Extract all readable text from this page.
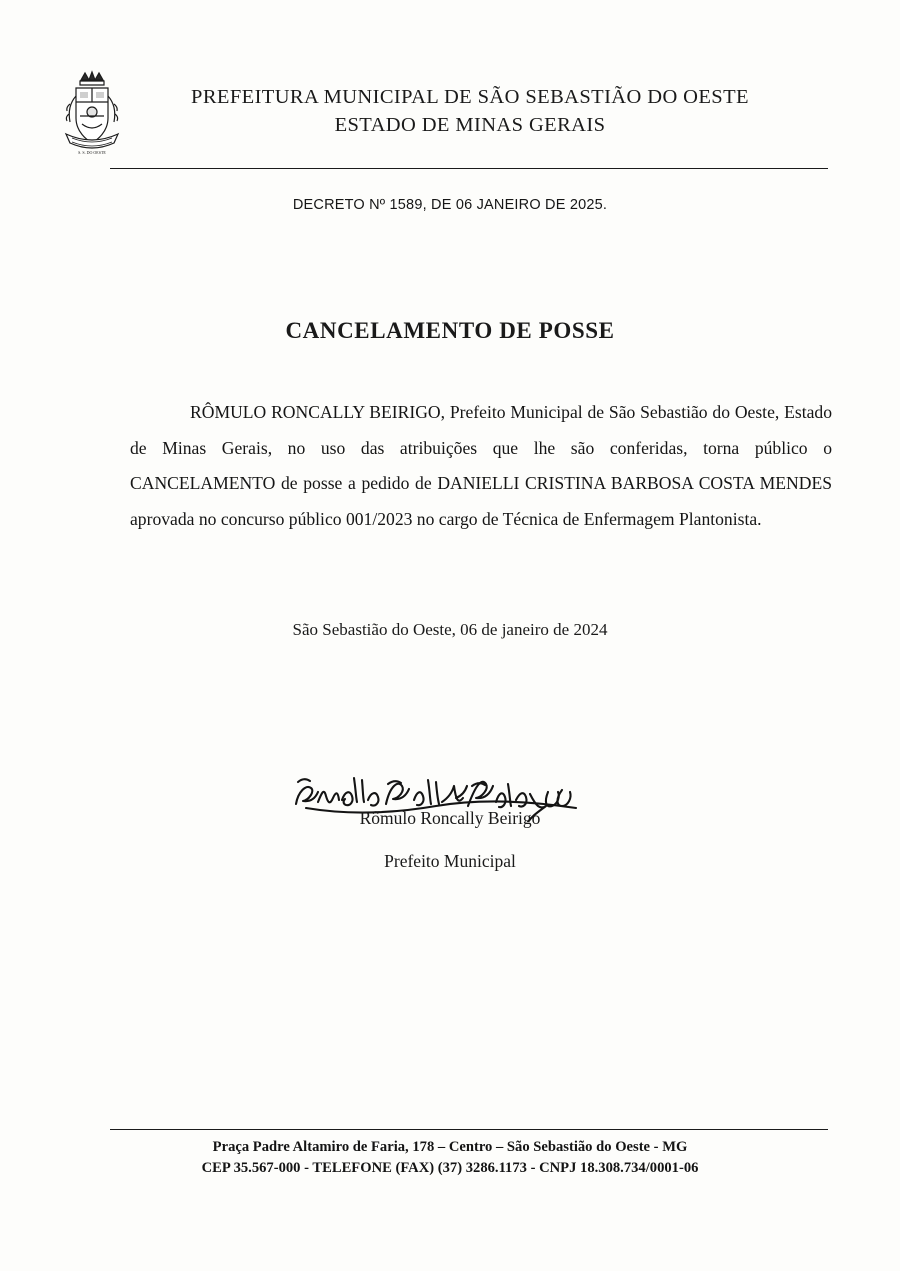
S. S. DO OESTE
PREFEITURA MUNICIPAL DE SÃO SEBASTIÃO DO OESTE
ESTADO DE MINAS GERAIS
DECRETO Nº 1589, DE 06 JANEIRO DE 2025.
CANCELAMENTO DE POSSE
RÔMULO RONCALLY BEIRIGO, Prefeito Municipal de São Sebastião do Oeste, Estado de Minas Gerais, no uso das atribuições que lhe são conferidas, torna público o CANCELAMENTO de posse a pedido de DANIELLI CRISTINA BARBOSA COSTA MENDES aprovada no concurso público 001/2023 no cargo de Técnica de Enfermagem Plantonista.
São Sebastião do Oeste, 06 de janeiro de 2024
Rômulo Roncally Beirigo
Prefeito Municipal
Praça Padre Altamiro de Faria, 178 – Centro – São Sebastião do Oeste - MG
CEP 35.567-000 - TELEFONE (FAX) (37) 3286.1173 - CNPJ 18.308.734/0001-06
